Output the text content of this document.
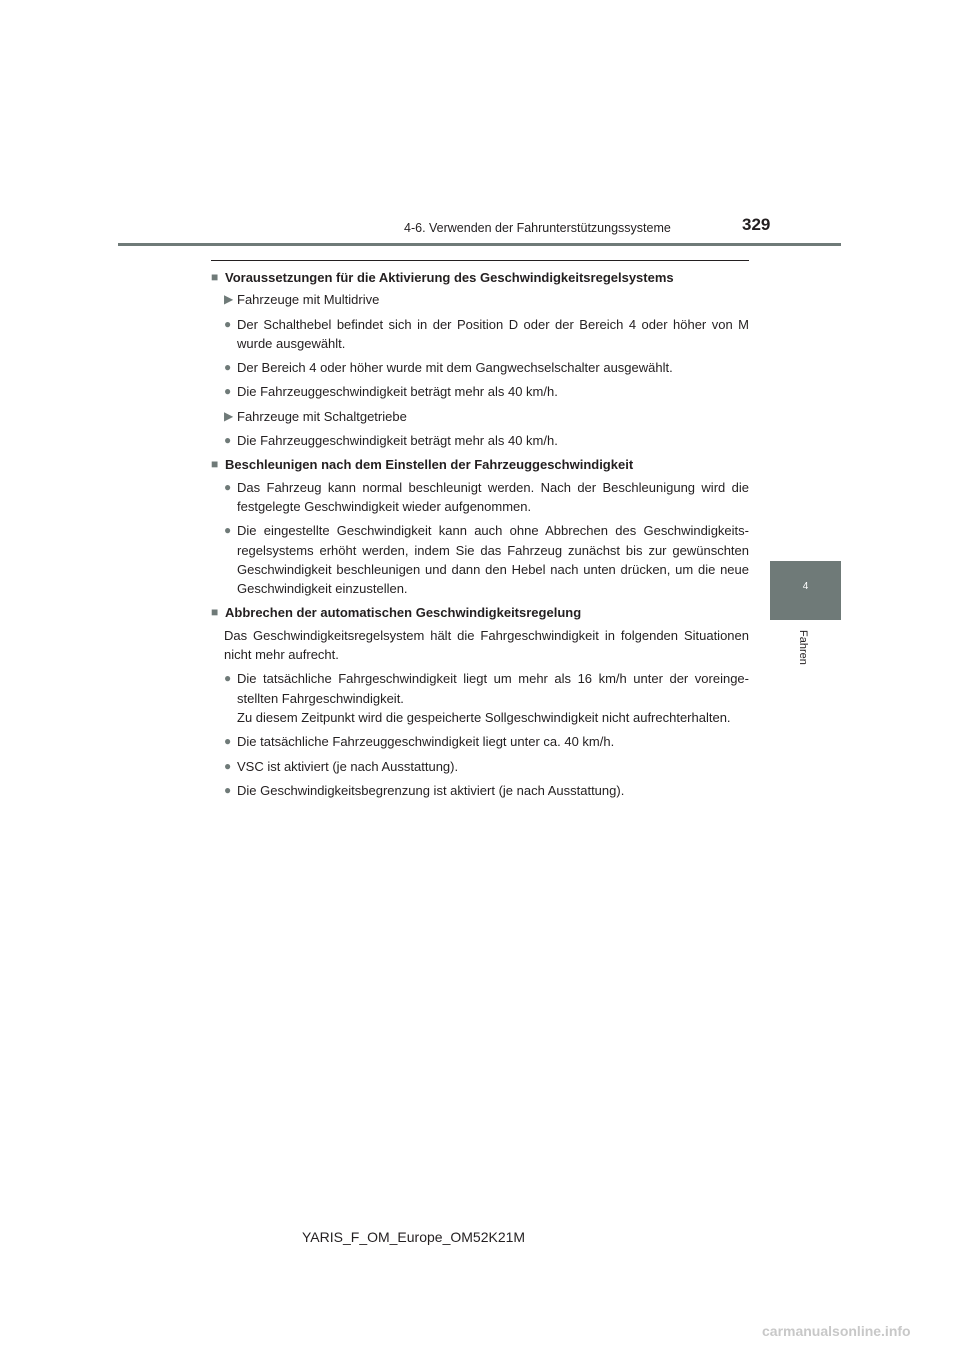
4-6. Verwenden der Fahrunterstützungssysteme	329
4
Fahren
■ Voraussetzungen für die Aktivierung des Geschwindigkeitsregelsystems
▶ Fahrzeuge mit Multidrive
● Der Schalthebel befindet sich in der Position D oder der Bereich 4 oder höher von M wurde ausgewählt.
● Der Bereich 4 oder höher wurde mit dem Gangwechselschalter ausgewählt.
● Die Fahrzeuggeschwindigkeit beträgt mehr als 40 km/h.
▶ Fahrzeuge mit Schaltgetriebe
● Die Fahrzeuggeschwindigkeit beträgt mehr als 40 km/h.
■ Beschleunigen nach dem Einstellen der Fahrzeuggeschwindigkeit
● Das Fahrzeug kann normal beschleunigt werden. Nach der Beschleunigung wird die festgelegte Geschwindigkeit wieder aufgenommen.
● Die eingestellte Geschwindigkeit kann auch ohne Abbrechen des Geschwindigkeitsregelsystems erhöht werden, indem Sie das Fahrzeug zunächst bis zur gewünschten Geschwindigkeit beschleunigen und dann den Hebel nach unten drücken, um die neue Geschwindigkeit einzustellen.
■ Abbrechen der automatischen Geschwindigkeitsregelung
Das Geschwindigkeitsregelsystem hält die Fahrgeschwindigkeit in folgenden Situationen nicht mehr aufrecht.
● Die tatsächliche Fahrgeschwindigkeit liegt um mehr als 16 km/h unter der voreingestellten Fahrgeschwindigkeit.
Zu diesem Zeitpunkt wird die gespeicherte Sollgeschwindigkeit nicht aufrechterhalten.
● Die tatsächliche Fahrzeuggeschwindigkeit liegt unter ca. 40 km/h.
● VSC ist aktiviert (je nach Ausstattung).
● Die Geschwindigkeitsbegrenzung ist aktiviert (je nach Ausstattung).
YARIS_F_OM_Europe_OM52K21M
carmanualsonline.info
